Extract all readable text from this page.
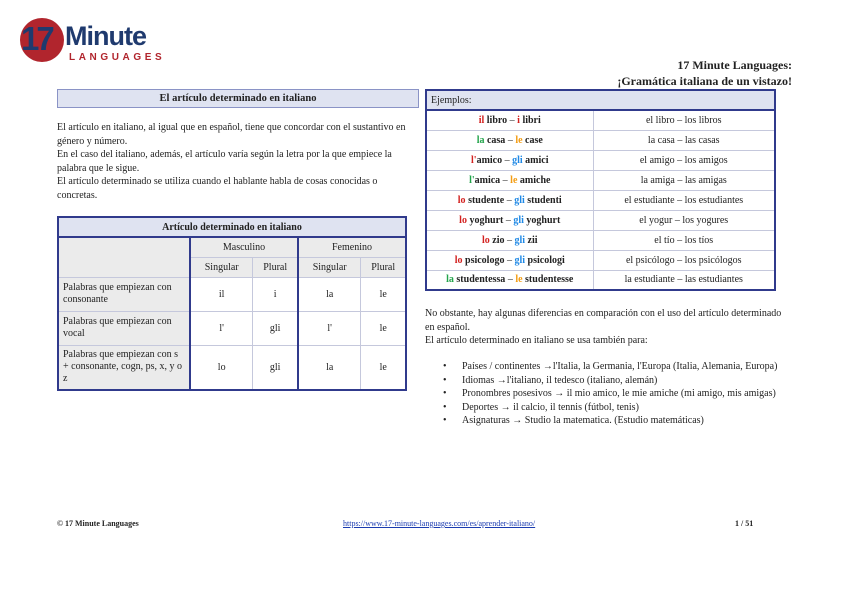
17 Minute
LANGUAGES
17 Minute Languages:
¡Gramática italiana de un vistazo!
El artículo determinado en italiano

El artículo en italiano, al igual que en español, tiene que concordar con el sustantivo en género y número.

En el caso del italiano, además, el artículo varía según la letra por la que empiece la palabra que le sigue.

El artículo determinado se utiliza cuando el hablante habla de cosas conocidas o concretas.

Artículo determinado en italiano				
	Masculino		Femenino	
	Singular	Plural	Singular	Plural
Palabras que empiezan con consonante	il	i	la	le
Palabras que empiezan con vocal	l'	gli	l'	le
Palabras que empiezan con s + consonante, cogn, ps, x, y o z	lo	gli	la	le
Ejemplos:	
il libro – i libri	el libro – los libros
la casa – le case	la casa – las casas
l'amico – gli amici	el amigo – los amigos
l'amica – le amiche	la amiga – las amigas
lo studente – gli studenti	el estudiante – los estudiantes
lo yoghurt – gli yoghurt	el yogur – los yogures
lo zio – gli zii	el tío – los tíos
lo psicologo – gli psicologi	el psicólogo – los psicólogos
la studentessa – le studentesse	la estudiante – las estudiantes

No obstante, hay algunas diferencias en comparación con el uso del artículo determinado en español.

El artículo determinado en italiano se usa también para:

• Países / continentes →l'Italia, la Germania, l'Europa (Italia, Alemania, Europa)
• Idiomas →l'italiano, il tedesco (italiano, alemán)
• Pronombres posesivos → il mio amico, le mie amiche (mi amigo, mis amigas)
• Deportes → il calcio, il tennis (fútbol, tenis)
• Asignaturas → Studio la matematica. (Estudio matemáticas)
© 17 Minute Languages	https://www.17-minute-languages.com/es/aprender-italiano/	1 / 51
